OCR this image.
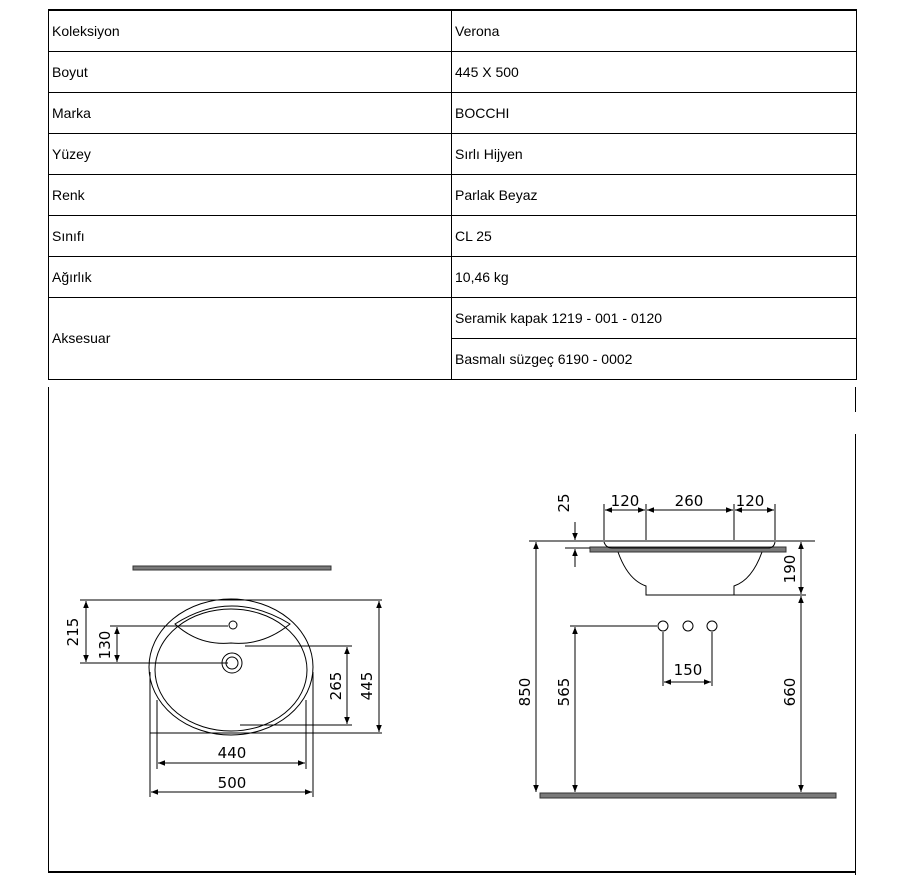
Koleksiyon	Verona
Boyut	445 X 500
Marka	BOCCHI
Yüzey	Sırlı Hijyen
Renk	Parlak Beyaz
Sınıfı	CL 25
Ağırlık	10,46 kg
Aksesuar	Seramik kapak 1219 - 001 - 0120
	Basmalı süzgeç 6190 - 0002
215 130
265 445
440
500
25	120 260 120
190
850 565
150
660
